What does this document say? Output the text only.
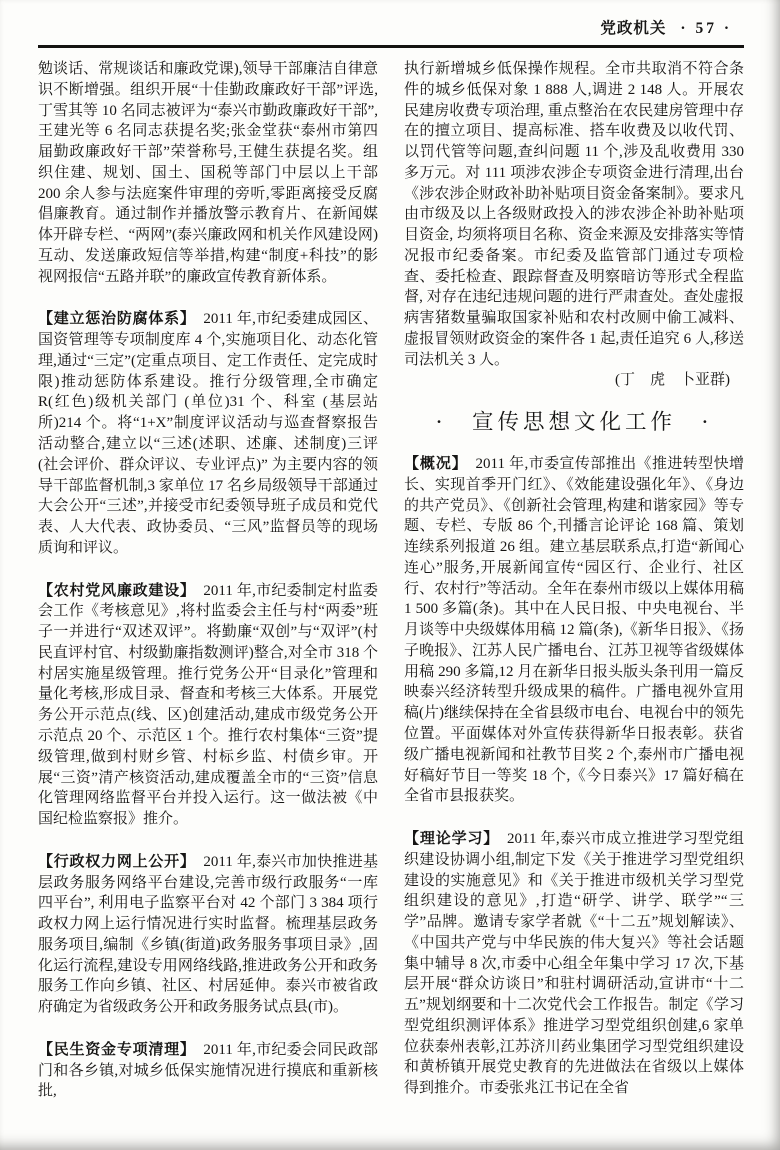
党政机关 · 57 ·

勉谈话、常规谈话和廉政党课),领导干部廉洁自律意识不断增强。组织开展“十佳勤政廉政好干部”评选,丁雪其等 10 名同志被评为“泰兴市勤政廉政好干部”,王建光等 6 名同志获提名奖;张金堂获“泰州市第四届勤政廉政好干部”荣誉称号,王健生获提名奖。组织住建、规划、国土、国税等部门中层以上干部 200 余人参与法庭案件审理的旁听,零距离接受反腐倡廉教育。通过制作并播放警示教育片、在新闻媒体开辟专栏、“两网”(泰兴廉政网和机关作风建设网)互动、发送廉政短信等举措,构建“制度+科技”的影视网报信“五路并联”的廉政宣传教育新体系。

【建立惩治防腐体系】　2011 年,市纪委建成园区、国资管理等专项制度库 4 个,实施项目化、动态化管理,通过“三定”(定重点项目、定工作责任、定完成时限)推动惩防体系建设。推行分级管理,全市确定 R(红色)级机关部门 (单位)31 个、科室 (基层站所)214 个。将“1+X”制度评议活动与巡查督察报告活动整合,建立以“三述(述职、述廉、述制度)三评(社会评价、群众评议、专业评点)” 为主要内容的领导干部监督机制,3 家单位 17 名乡局级领导干部通过大会公开“三述”,并接受市纪委领导班子成员和党代表、人大代表、政协委员、“三风”监督员等的现场质询和评议。

【农村党风廉政建设】　2011 年,市纪委制定村监委会工作《考核意见》,将村监委会主任与村“两委”班子一并进行“双述双评”。将勤廉“双创”与“双评”(村民直评村官、村级勤廉指数测评)整合,对全市 318 个村居实施星级管理。推行党务公开“目录化”管理和量化考核,形成目录、督查和考核三大体系。开展党务公开示范点(线、区)创建活动,建成市级党务公开示范点 20 个、示范区 1 个。推行农村集体“三资”提级管理,做到村财乡管、村标乡监、村债乡审。开展“三资”清产核资活动,建成覆盖全市的“三资”信息化管理网络监督平台并投入运行。这一做法被《中国纪检监察报》推介。

【行政权力网上公开】　2011 年,泰兴市加快推进基层政务服务网络平台建设,完善市级行政服务“一库四平台”, 利用电子监察平台对 42 个部门 3 384 项行政权力网上运行情况进行实时监督。梳理基层政务服务项目,编制《乡镇(街道)政务服务事项目录》,固化运行流程,建设专用网络线路,推进政务公开和政务服务工作向乡镇、社区、村居延伸。泰兴市被省政府确定为省级政务公开和政务服务试点县(市)。

【民生资金专项清理】　2011 年,市纪委会同民政部门和各乡镇,对城乡低保实施情况进行摸底和重新核批,

执行新增城乡低保操作规程。全市共取消不符合条件的城乡低保对象 1 888 人,调进 2 148 人。开展农民建房收费专项治理, 重点整治在农民建房管理中存在的擅立项目、提高标准、搭车收费及以收代罚、以罚代管等问题,查纠问题 11 个,涉及乱收费用 330 多万元。对 111 项涉农涉企专项资金进行清理,出台《涉农涉企财政补助补贴项目资金备案制》。要求凡由市级及以上各级财政投入的涉农涉企补助补贴项目资金, 均须将项目名称、资金来源及安排落实等情况报市纪委备案。市纪委及监管部门通过专项检查、委托检查、跟踪督查及明察暗访等形式全程监督, 对存在违纪违规问题的进行严肃查处。查处虚报病害猪数量骗取国家补贴和农村改厕中偷工减料、虚报冒领财政资金的案件各 1 起,责任追究 6 人,移送司法机关 3 人。

(丁　虎　卜亚群)

·　宣传思想文化工作　·

【概况】　2011 年,市委宣传部推出《推进转型快增长、实现首季开门红》、《效能建设强化年》、《身边的共产党员》、《创新社会管理,构建和谐家园》等专题、专栏、专版 86 个,刊播言论评论 168 篇、策划连续系列报道 26 组。建立基层联系点,打造“新闻心连心”服务,开展新闻宣传“园区行、企业行、社区行、农村行”等活动。全年在泰州市级以上媒体用稿 1 500 多篇(条)。其中在人民日报、中央电视台、半月谈等中央级媒体用稿 12 篇(条),《新华日报》、《扬子晚报》、江苏人民广播电台、江苏卫视等省级媒体用稿 290 多篇,12 月在新华日报头版头条刊用一篇反映泰兴经济转型升级成果的稿件。广播电视外宣用稿(片)继续保持在全省县级市电台、电视台中的领先位置。平面媒体对外宣传获得新华日报表彰。获省级广播电视新闻和社教节目奖 2 个,泰州市广播电视好稿好节目一等奖 18 个,《今日泰兴》17 篇好稿在全省市县报获奖。

【理论学习】　2011 年,泰兴市成立推进学习型党组织建设协调小组,制定下发《关于推进学习型党组织建设的实施意见》和《关于推进市级机关学习型党组织建设的意见》,打造“研学、讲学、联学”“三学”品牌。邀请专家学者就《“十二五”规划解读》、《中国共产党与中华民族的伟大复兴》等社会话题集中辅导 8 次,市委中心组全年集中学习 17 次,下基层开展“群众访谈日”和驻村调研活动,宣讲市“十二五”规划纲要和十二次党代会工作报告。制定《学习型党组织测评体系》推进学习型党组织创建,6 家单位获泰州表彰,江苏济川药业集团学习型党组织建设和黄桥镇开展党史教育的先进做法在省级以上媒体得到推介。市委张兆江书记在全省
